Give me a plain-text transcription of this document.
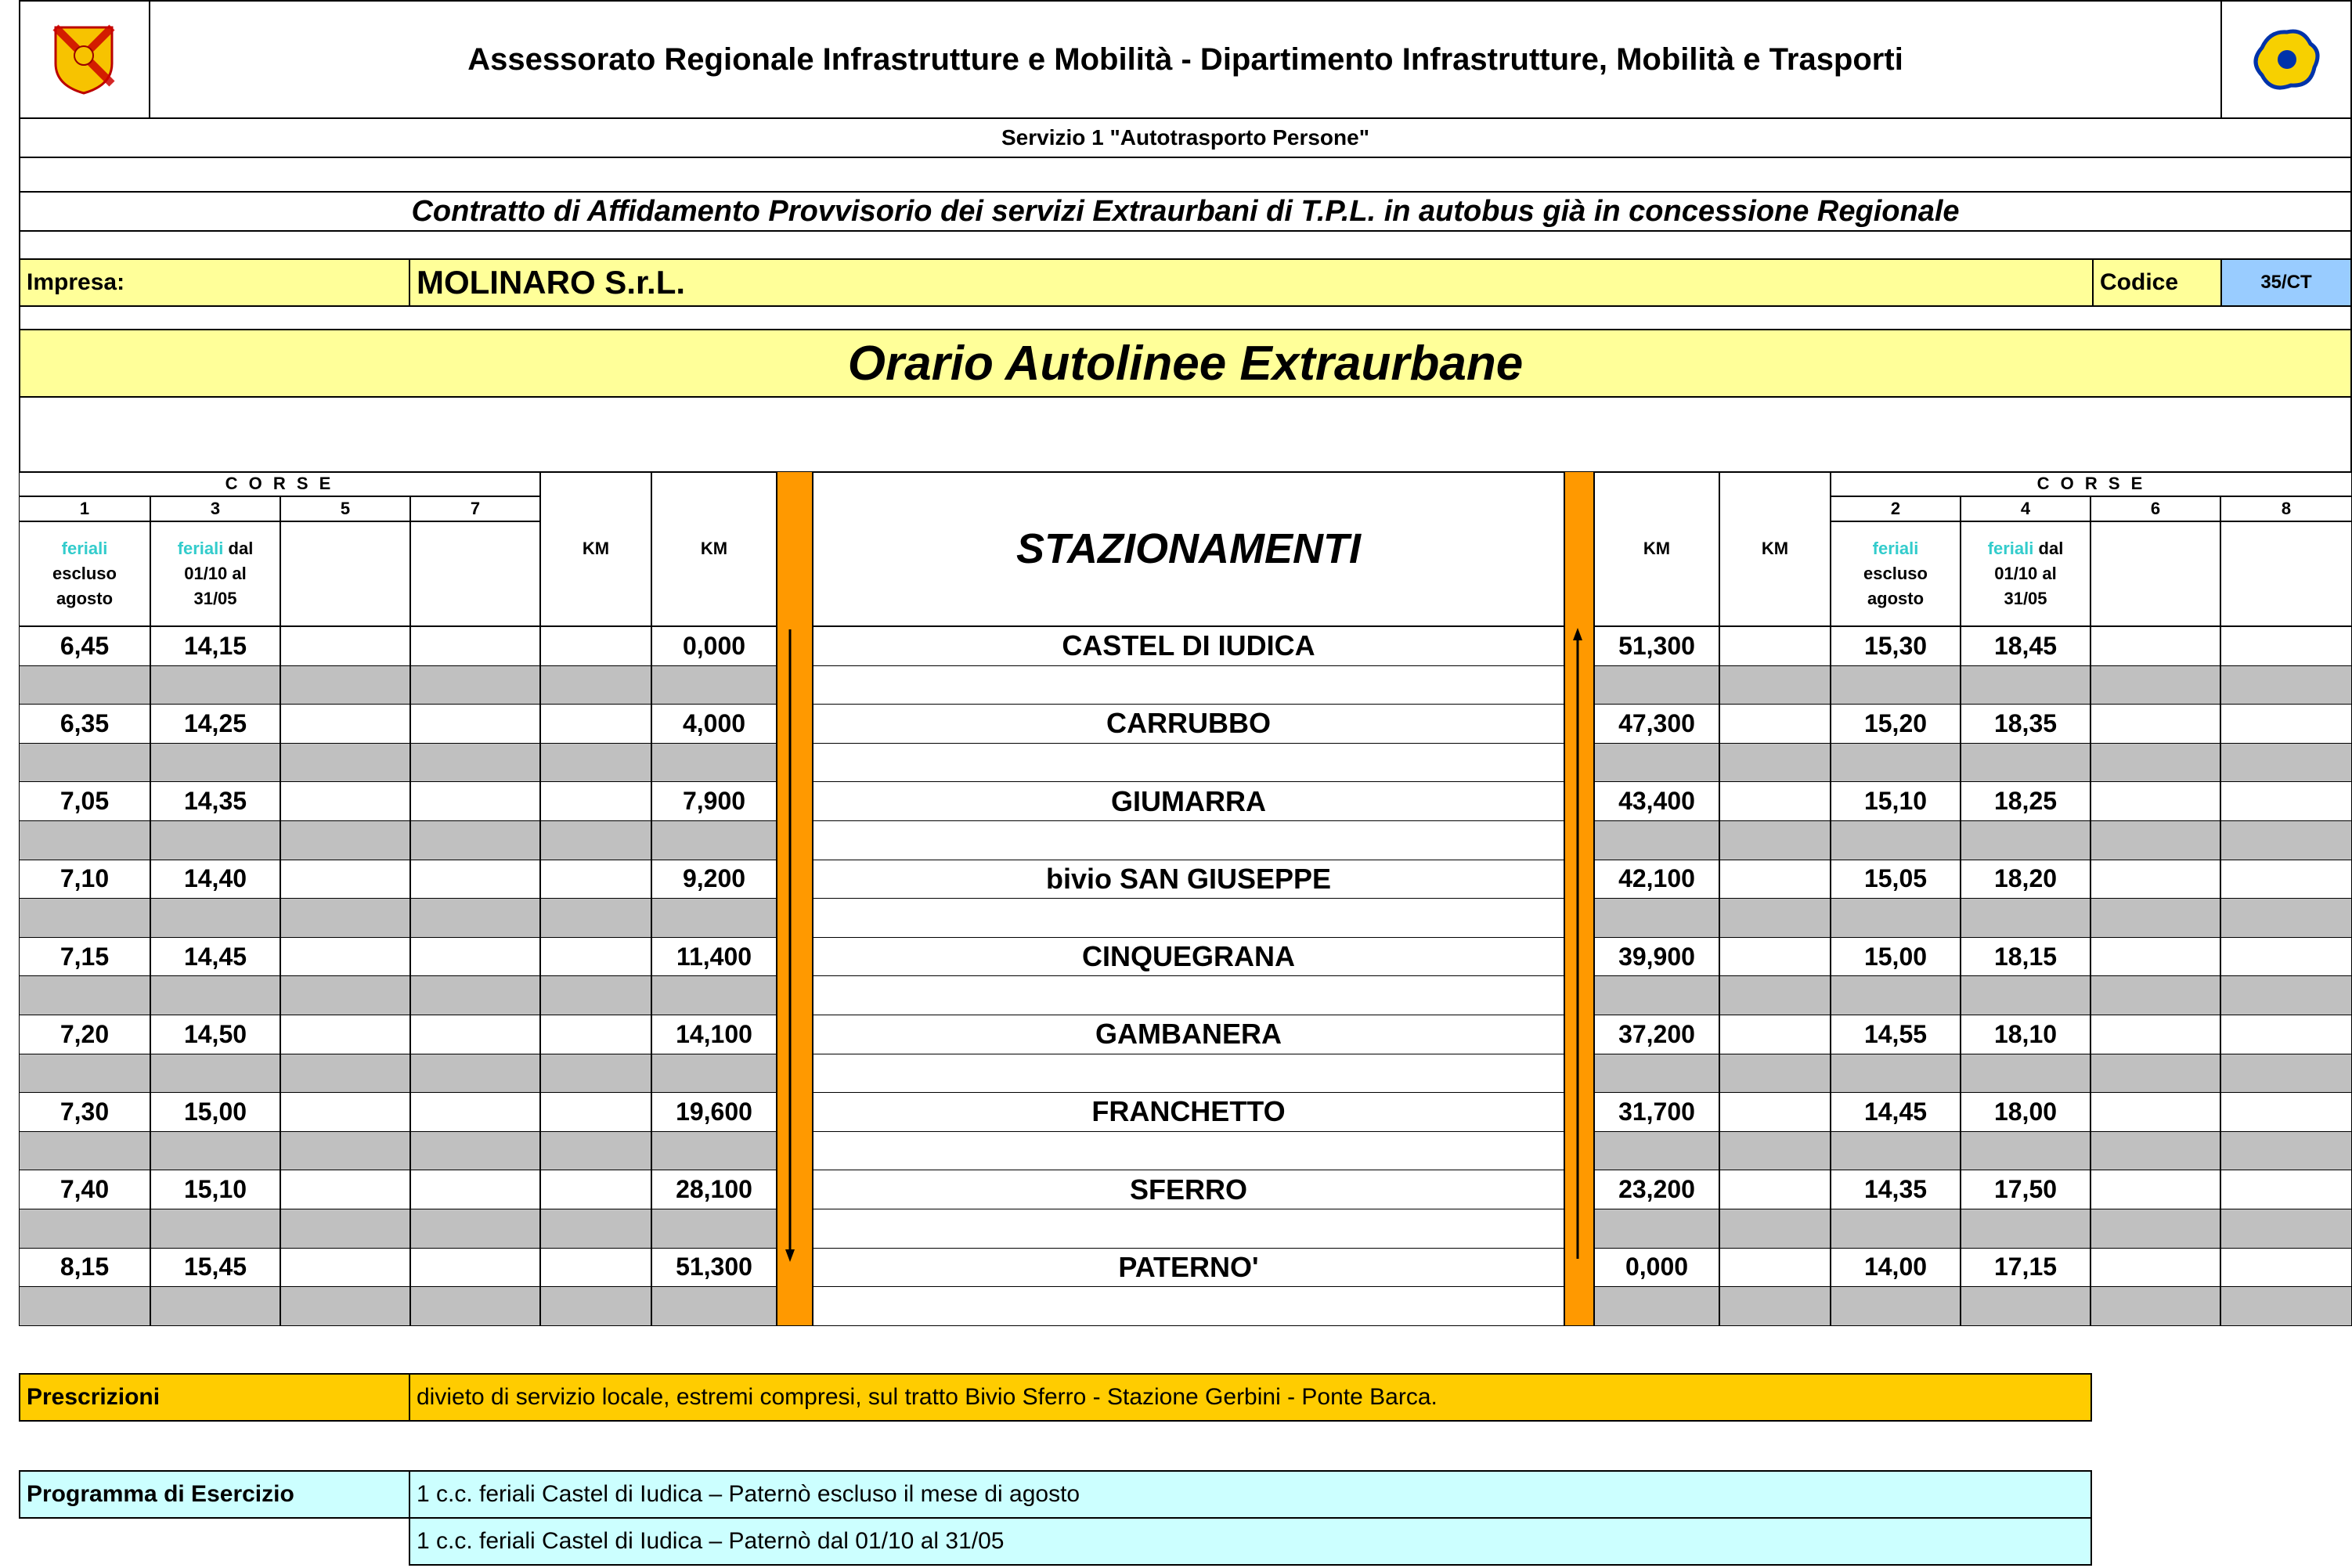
Assessorato Regionale Infrastrutture e Mobilità - Dipartimento Infrastrutture, Mobilità e Trasporti
Servizio 1 "Autotrasporto Persone"
Contratto di Affidamento Provvisorio dei servizi Extraurbani di T.P.L. in autobus già in concessione Regionale
Impresa:	MOLINARO S.r.L.	Codice	35/CT
Orario Autolinee Extraurbane
C O R S E
1	3	5	7
feriali
escluso agosto
feriali dal
01/10 al 31/05
KM	KM	STAZIONAMENTI	KM	KM
C O R S E
2	4	6	8
feriali
escluso agosto
feriali dal
01/10 al 31/05
6,45	14,15	0,000	CASTEL DI IUDICA	51,300	15,30	18,45
6,35	14,25	4,000	CARRUBBO	47,300	15,20	18,35
7,05	14,35	7,900	GIUMARRA	43,400	15,10	18,25
7,10	14,40	9,200	bivio SAN GIUSEPPE	42,100	15,05	18,20
7,15	14,45	11,400	CINQUEGRANA	39,900	15,00	18,15
7,20	14,50	14,100	GAMBANERA	37,200	14,55	18,10
7,30	15,00	19,600	FRANCHETTO	31,700	14,45	18,00
7,40	15,10	28,100	SFERRO	23,200	14,35	17,50
8,15	15,45	51,300	PATERNO'	0,000	14,00	17,15
Prescrizioni	divieto di servizio locale, estremi compresi, sul tratto Bivio Sferro - Stazione Gerbini - Ponte Barca.
Programma di Esercizio	1 c.c. feriali Castel di Iudica – Paternò escluso il mese di agosto
1 c.c. feriali Castel di Iudica – Paternò dal 01/10 al 31/05
